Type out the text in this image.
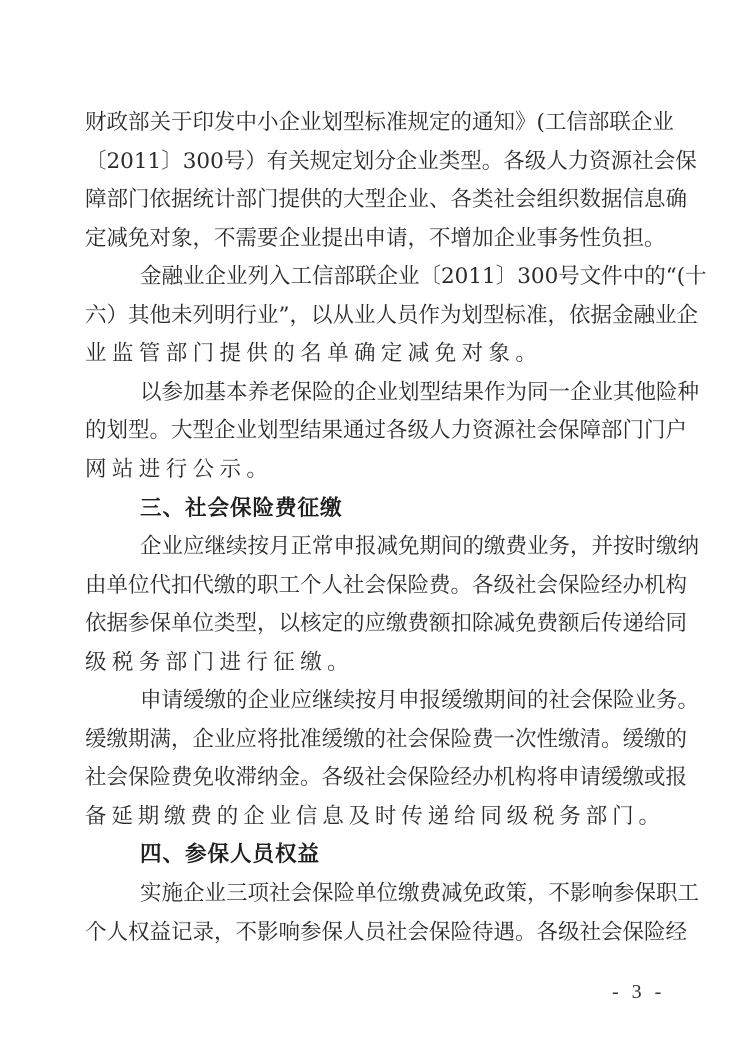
财政部关于印发中小企业划型标准规定的通知》(工信部联企业
〔2011〕300号）有关规定划分企业类型。各级人力资源社会保
障部门依据统计部门提供的大型企业、各类社会组织数据信息确
定减免对象，不需要企业提出申请，不增加企业事务性负担。
金融业企业列入工信部联企业〔2011〕300号文件中的“(十
六）其他未列明行业”，以从业人员作为划型标准，依据金融业企
业监管部门提供的名单确定减免对象。
以参加基本养老保险的企业划型结果作为同一企业其他险种
的划型。大型企业划型结果通过各级人力资源社会保障部门门户
网站进行公示。
三、社会保险费征缴
企业应继续按月正常申报减免期间的缴费业务，并按时缴纳
由单位代扣代缴的职工个人社会保险费。各级社会保险经办机构
依据参保单位类型，以核定的应缴费额扣除减免费额后传递给同
级税务部门进行征缴。
申请缓缴的企业应继续按月申报缓缴期间的社会保险业务。
缓缴期满，企业应将批准缓缴的社会保险费一次性缴清。缓缴的
社会保险费免收滞纳金。各级社会保险经办机构将申请缓缴或报
备延期缴费的企业信息及时传递给同级税务部门。
四、参保人员权益
实施企业三项社会保险单位缴费减免政策，不影响参保职工
个人权益记录，不影响参保人员社会保险待遇。各级社会保险经
- 3 -
